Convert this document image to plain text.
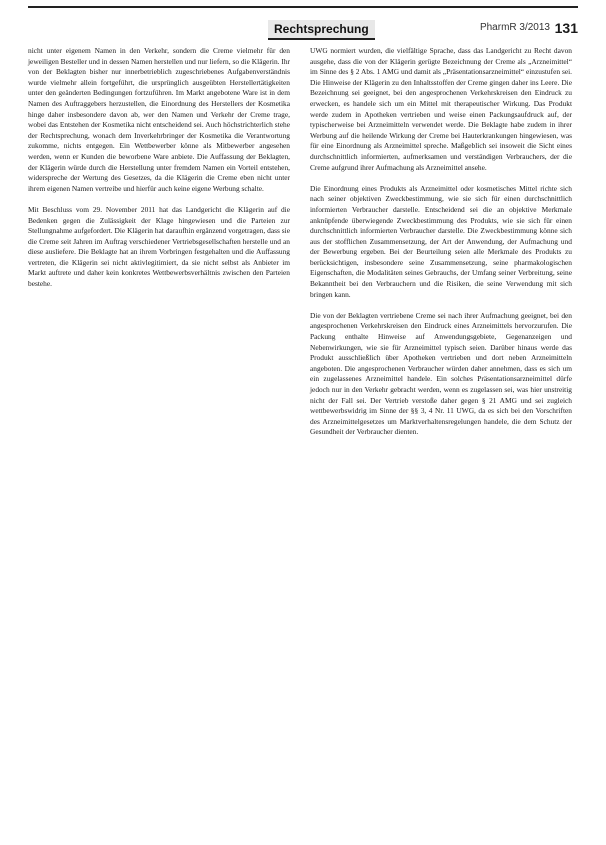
Rechtsprechung	PharmR 3/2013 131

nicht unter eigenem Namen in den Verkehr, sondern die Creme vielmehr für den jeweiligen Besteller und in dessen Namen herstellen und nur liefern, so die Klägerin. Ihr von der Beklagten bisher nur innerbetrieblich zugeschriebenes Aufgabenverständnis wurde vielmehr allein fortgeführt, die ursprünglich ausgeübten Herstellertätigkeiten unter den geänderten Bedingungen fortzuführen. Im Markt angebotene Ware ist in dem Namen des Auftraggebers herzustellen, die Einordnung des Herstellers der Kosmetika hinge daher insbesondere davon ab, wer den Namen und Verkehr der Creme trage, wobei das Entstehen der Kosmetika nicht entscheidend sei. Auch höchstrichterlich stehe der Rechtsprechung, wonach dem Inverkehrbringer der Kosmetika die Verantwortung zukomme, nichts entgegen. Ein Wettbewerber könne als Mitbewerber angesehen werden, wenn er Kunden die beworbene Ware anbiete. Die Auffassung der Beklagten, der Klägerin würde durch die Herstellung unter fremdem Namen ein Vorteil entstehen, widerspreche der Wertung des Gesetzes, da die Klägerin die Creme eben nicht unter ihrem eigenen Namen vertreibe und hierfür auch keine eigene Werbung schalte.

Mit Beschluss vom 29. November 2011 hat das Landgericht die Klägerin auf die Bedenken gegen die Zulässigkeit der Klage hingewiesen und die Parteien zur Stellungnahme aufgefordert. Die Klägerin hat daraufhin ergänzend vorgetragen, dass sie die Creme seit Jahren im Auftrag verschiedener Vertriebsgesellschaften herstelle und an diese ausliefere. Die Beklagte hat an ihrem Vorbringen festgehalten und die Auffassung vertreten, die Klägerin sei nicht aktivlegitimiert, da sie nicht selbst als Anbieter im Markt auftrete und daher kein konkretes Wettbewerbsverhältnis zwischen den Parteien bestehe.

UWG normiert wurden, die vielfältige Sprache, dass das Landgericht zu Recht davon ausgehe, dass die von der Klägerin gerügte Bezeichnung der Creme als „Arzneimittel“ im Sinne des § 2 Abs. 1 AMG und damit als „Präsentationsarzneimittel“ einzustufen sei. Die Hinweise der Klägerin zu den Inhaltsstoffen der Creme gingen daher ins Leere. Die Bezeichnung sei geeignet, bei den angesprochenen Verkehrskreisen den Eindruck zu erwecken, es handele sich um ein Mittel mit therapeutischer Wirkung. Das Produkt werde zudem in Apotheken vertrieben und weise einen Packungsaufdruck auf, der typischerweise bei Arzneimitteln verwendet werde. Die Beklagte habe zudem in ihrer Werbung auf die heilende Wirkung der Creme bei Hauterkrankungen hingewiesen, was für eine Einordnung als Arzneimittel spreche. Maßgeblich sei insoweit die Sicht eines durchschnittlich informierten, aufmerksamen und verständigen Verbrauchers, der die Creme aufgrund ihrer Aufmachung als Arzneimittel ansehe.

Die Einordnung eines Produkts als Arzneimittel oder kosmetisches Mittel richte sich nach seiner objektiven Zweckbestimmung, wie sie sich für einen durchschnittlich informierten Verbraucher darstelle. Entscheidend sei die an objektive Merkmale anknüpfende überwiegende Zweckbestimmung des Produkts, wie sie sich für einen durchschnittlich informierten Verbraucher darstelle. Die Zweckbestimmung könne sich aus der stofflichen Zusammensetzung, der Art der Anwendung, der Aufmachung und der Bewerbung ergeben. Bei der Beurteilung seien alle Merkmale des Produkts zu berücksichtigen, insbesondere seine Zusammensetzung, seine pharmakologischen Eigenschaften, die Modalitäten seines Gebrauchs, der Umfang seiner Verbreitung, seine Bekanntheit bei den Verbrauchern und die Risiken, die seine Verwendung mit sich bringen kann.

Die von der Beklagten vertriebene Creme sei nach ihrer Aufmachung geeignet, bei den angesprochenen Verkehrskreisen den Eindruck eines Arzneimittels hervorzurufen. Die Packung enthalte Hinweise auf Anwendungsgebiete, Gegenanzeigen und Nebenwirkungen, wie sie für Arzneimittel typisch seien. Darüber hinaus werde das Produkt ausschließlich über Apotheken vertrieben und dort neben Arzneimitteln angeboten. Die angesprochenen Verbraucher würden daher annehmen, dass es sich um ein zugelassenes Arzneimittel handele. Ein solches Präsentationsarzneimittel dürfe jedoch nur in den Verkehr gebracht werden, wenn es zugelassen sei, was hier unstreitig nicht der Fall sei. Der Vertrieb verstoße daher gegen § 21 AMG und sei zugleich wettbewerbswidrig im Sinne der §§ 3, 4 Nr. 11 UWG, da es sich bei den Vorschriften des Arzneimittelgesetzes um Marktverhaltensregelungen handele, die dem Schutz der Gesundheit der Verbraucher dienten.
